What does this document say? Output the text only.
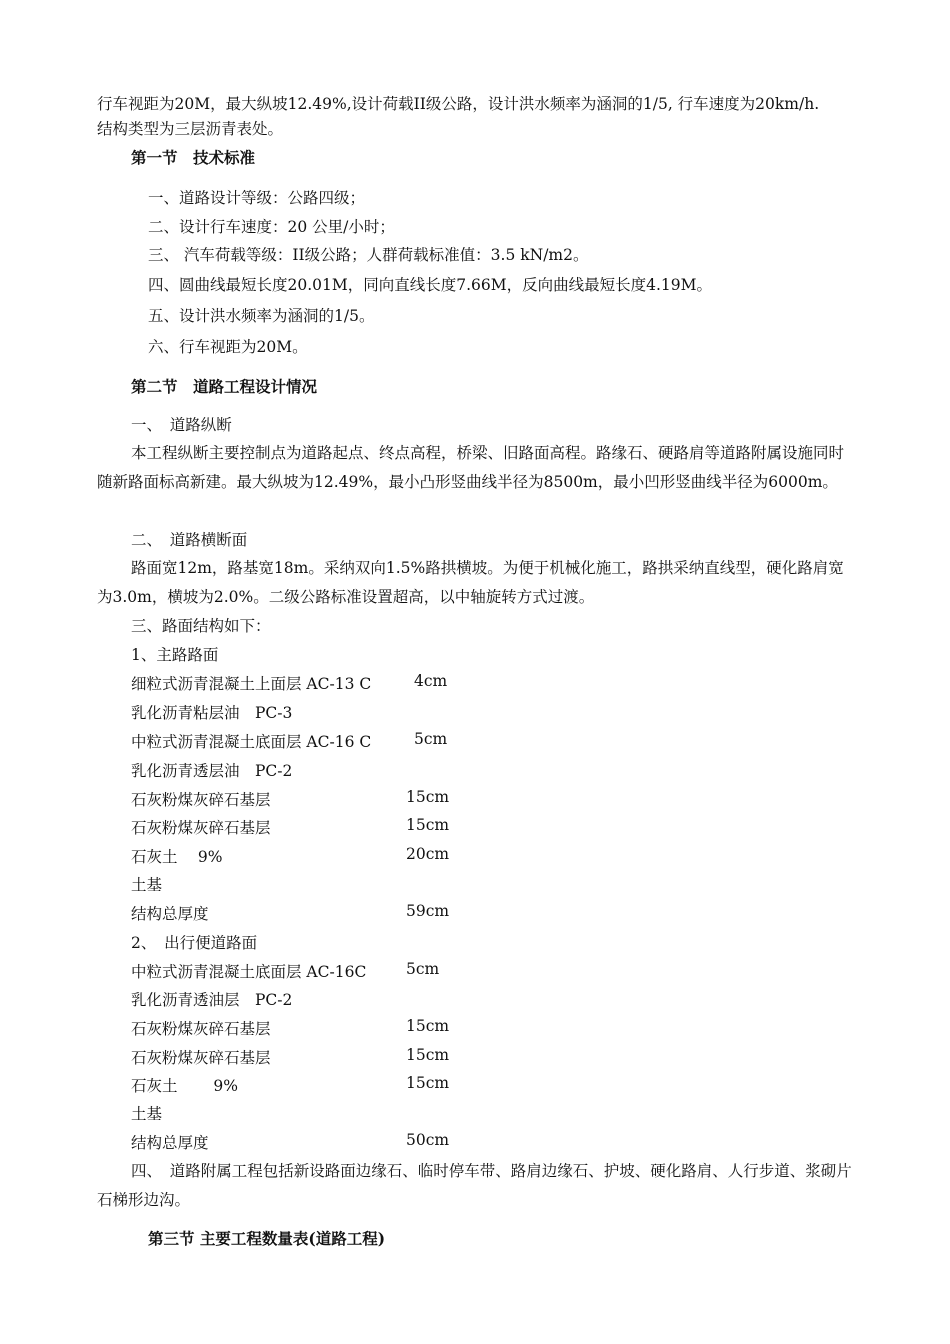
行车视距为20M，最大纵坡12.49%,设计荷载II级公路，设计洪水频率为涵洞的1/5, 行车速度为20km/h.
结构类型为三层沥青表处。
第一节　技术标准
一、道路设计等级：公路四级；
二、设计行车速度：20 公里/小时；
三、 汽车荷载等级：II级公路；人群荷载标准值：3.5 kN/m2。
四、圆曲线最短长度20.01M，同向直线长度7.66M，反向曲线最短长度4.19M。
五、设计洪水频率为涵洞的1/5。
六、行车视距为20M。
第二节　道路工程设计情况
一、　道路纵断
本工程纵断主要控制点为道路起点、终点高程，桥梁、旧路面高程。路缘石、硬路肩等道路附属设施同时随新路面标高新建。最大纵坡为12.49%，最小凸形竖曲线半径为8500m，最小凹形竖曲线半径为6000m。
二、　道路横断面
路面宽12m，路基宽18m。采纳双向1.5%路拱横坡。为便于机械化施工，路拱采纳直线型，硬化路肩宽为3.0m，横坡为2.0%。二级公路标准设置超高，以中轴旋转方式过渡。
三、路面结构如下：
1、主路路面
细粒式沥青混凝土上面层 AC-13 C	4cm
乳化沥青粘层油　PC-3
中粒式沥青混凝土底面层 AC-16 C	5cm
乳化沥青透层油　PC-2
石灰粉煤灰碎石基层	15cm
石灰粉煤灰碎石基层	15cm
石灰土　 9%	20cm
土基
结构总厚度	59cm
2、　出行便道路面
中粒式沥青混凝土底面层 AC-16C	5cm
乳化沥青透油层　PC-2
石灰粉煤灰碎石基层	15cm
石灰粉煤灰碎石基层	15cm
石灰土　　 9%	15cm
土基
结构总厚度	50cm
四、　道路附属工程包括新设路面边缘石、临时停车带、路肩边缘石、护坡、硬化路肩、人行步道、浆砌片石梯形边沟。
第三节 主要工程数量表(道路工程)
